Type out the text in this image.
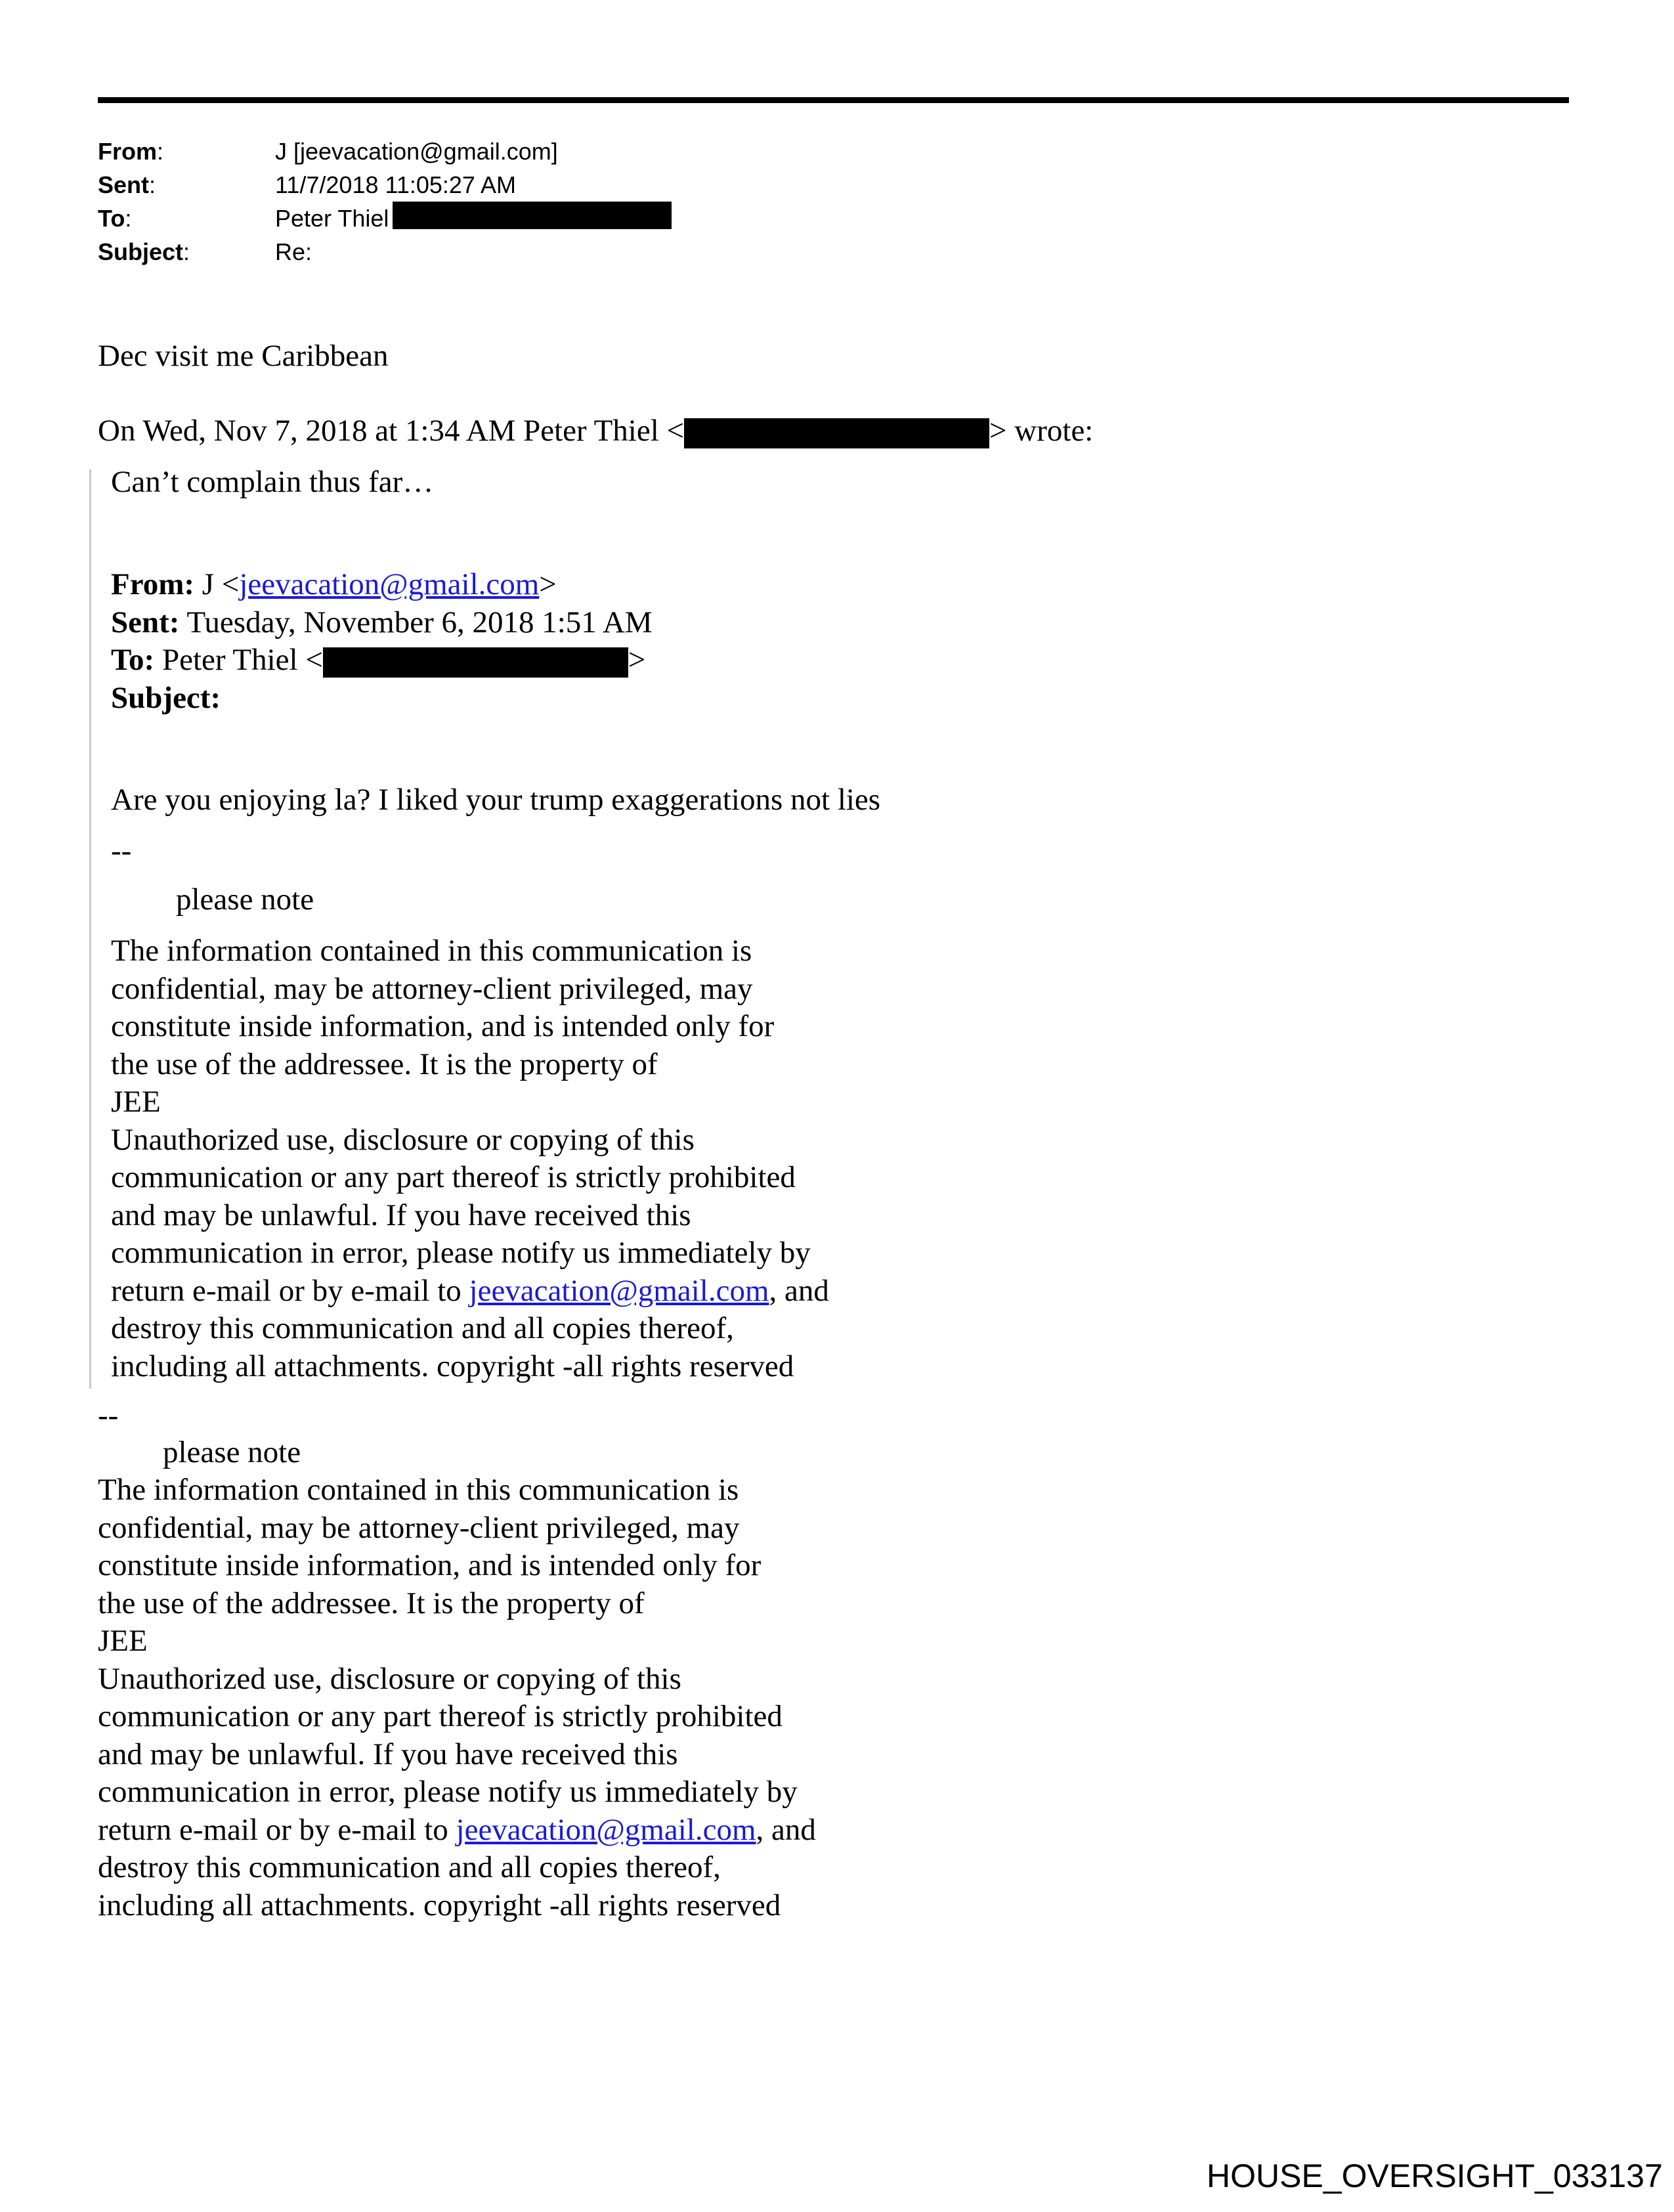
From:	J [jeevacation@gmail.com]
Sent:	11/7/2018 11:05:27 AM
To:	Peter Thiel
Subject:	Re:
Dec visit me Caribbean
On Wed, Nov 7, 2018 at 1:34 AM Peter Thiel <	> wrote:
Can’t complain thus far…
From: J <jeevacation@gmail.com>
Sent: Tuesday, November 6, 2018 1:51 AM
To: Peter Thiel <	>
Subject:
Are you enjoying la? I liked your trump exaggerations not lies
--
please note
The information contained in this communication is
confidential, may be attorney-client privileged, may
constitute inside information, and is intended only for
the use of the addressee. It is the property of
JEE
Unauthorized use, disclosure or copying of this
communication or any part thereof is strictly prohibited
and may be unlawful. If you have received this
communication in error, please notify us immediately by
return e-mail or by e-mail to jeevacation@gmail.com, and
destroy this communication and all copies thereof,
including all attachments. copyright -all rights reserved
--
please note
The information contained in this communication is
confidential, may be attorney-client privileged, may
constitute inside information, and is intended only for
the use of the addressee. It is the property of
JEE
Unauthorized use, disclosure or copying of this
communication or any part thereof is strictly prohibited
and may be unlawful. If you have received this
communication in error, please notify us immediately by
return e-mail or by e-mail to jeevacation@gmail.com, and
destroy this communication and all copies thereof,
including all attachments. copyright -all rights reserved
HOUSE_OVERSIGHT_033137
